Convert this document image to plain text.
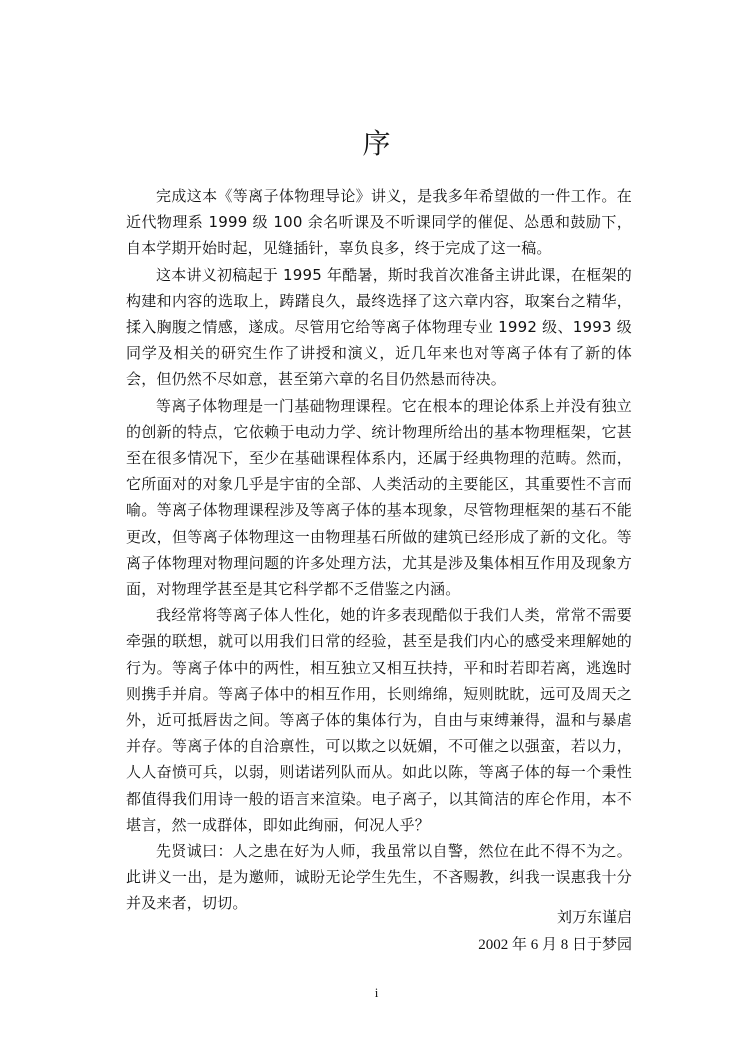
序

完成这本《等离子体物理导论》讲义，是我多年希望做的一件工作。在近代物理系 1999 级 100 余名听课及不听课同学的催促、怂恿和鼓励下，自本学期开始时起，见缝插针，辜负良多，终于完成了这一稿。

这本讲义初稿起于 1995 年酷暑，斯时我首次准备主讲此课，在框架的构建和内容的选取上，踌躇良久，最终选择了这六章内容，取案台之精华，揉入胸腹之情感，遂成。尽管用它给等离子体物理专业 1992 级、1993 级同学及相关的研究生作了讲授和演义，近几年来也对等离子体有了新的体会，但仍然不尽如意，甚至第六章的名目仍然悬而待决。

等离子体物理是一门基础物理课程。它在根本的理论体系上并没有独立的创新的特点，它依赖于电动力学、统计物理所给出的基本物理框架，它甚至在很多情况下，至少在基础课程体系内，还属于经典物理的范畴。然而，它所面对的对象几乎是宇宙的全部、人类活动的主要能区，其重要性不言而喻。等离子体物理课程涉及等离子体的基本现象，尽管物理框架的基石不能更改，但等离子体物理这一由物理基石所做的建筑已经形成了新的文化。等离子体物理对物理问题的许多处理方法，尤其是涉及集体相互作用及现象方面，对物理学甚至是其它科学都不乏借鉴之内涵。

我经常将等离子体人性化，她的许多表现酷似于我们人类，常常不需要牵强的联想，就可以用我们日常的经验，甚至是我们内心的感受来理解她的行为。等离子体中的两性，相互独立又相互扶持，平和时若即若离，逃逸时则携手并肩。等离子体中的相互作用，长则绵绵，短则眈眈，远可及周天之外，近可抵唇齿之间。等离子体的集体行为，自由与束缚兼得，温和与暴虐并存。等离子体的自洽禀性，可以欺之以妩媚，不可催之以强蛮，若以力，人人奋愤可兵，以弱，则诺诺列队而从。如此以陈，等离子体的每一个秉性都值得我们用诗一般的语言来渲染。电子离子，以其简洁的库仑作用，本不堪言，然一成群体，即如此绚丽，何况人乎？

先贤诚曰：人之患在好为人师，我虽常以自警，然位在此不得不为之。此讲义一出，是为邀师，诚盼无论学生先生，不吝赐教，纠我一误惠我十分并及来者，切切。

刘万东谨启
2002 年 6 月 8 日于梦园
i
